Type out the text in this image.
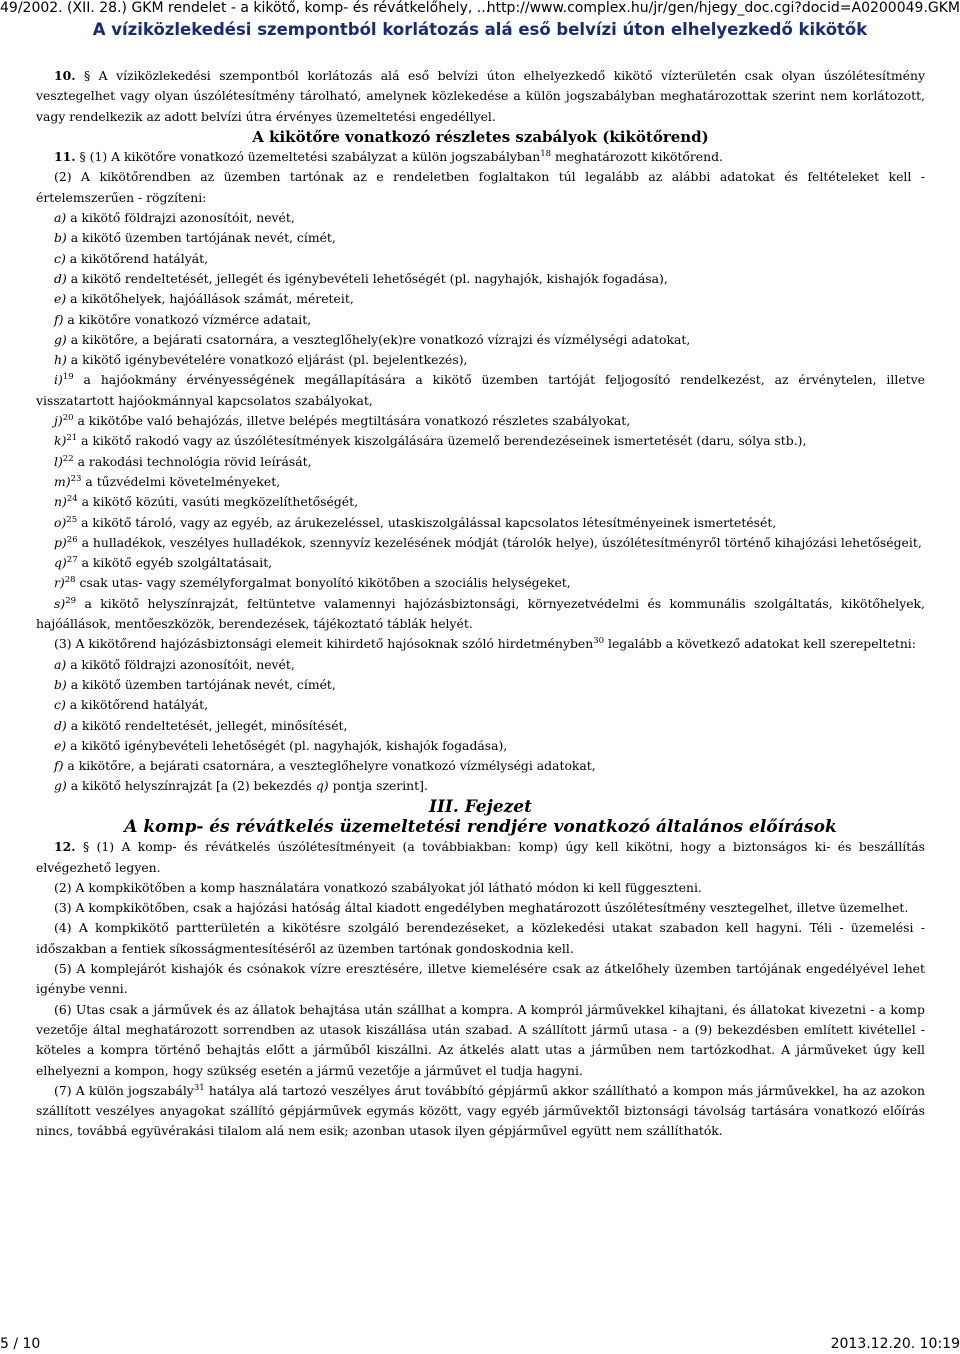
49/2002. (XII. 28.) GKM rendelet - a kikötő, komp- és révátkelőhely, ...
http://www.complex.hu/jr/gen/hjegy_doc.cgi?docid=A0200049.GKM
A víziközlekedési szempontból korlátozás alá eső belvízi úton elhelyezkedő kikötők

10. § A víziközlekedési szempontból korlátozás alá eső belvízi úton elhelyezkedő kikötő vízterületén csak olyan úszólétesítmény vesztegelhet vagy olyan úszólétesítmény tárolható, amelynek közlekedése a külön jogszabályban meghatározottak szerint nem korlátozott, vagy rendelkezik az adott belvízi útra érvényes üzemeltetési engedéllyel.

A kikötőre vonatkozó részletes szabályok (kikötőrend)

11. § (1) A kikötőre vonatkozó üzemeltetési szabályzat a külön jogszabályban$^{18}$ meghatározott kikötőrend.

(2) A kikötőrendben az üzemben tartónak az e rendeletben foglaltakon túl legalább az alábbi adatokat és feltételeket kell - értelemszerűen - rögzíteni:

a) a kikötő földrajzi azonosítóit, nevét,

b) a kikötő üzemben tartójának nevét, címét,

c) a kikötőrend hatályát,

d) a kikötő rendeltetését, jellegét és igénybevételi lehetőségét (pl. nagyhajók, kishajók fogadása),

e) a kikötőhelyek, hajóállások számát, méreteit,

f) a kikötőre vonatkozó vízmérce adatait,

g) a kikötőre, a bejárati csatornára, a veszteglőhely(ek)re vonatkozó vízrajzi és vízmélységi adatokat,

h) a kikötő igénybevételére vonatkozó eljárást (pl. bejelentkezés),

i)$^{19}$ a hajóokmány érvényességének megállapítására a kikötő üzemben tartóját feljogosító rendelkezést, az érvénytelen, illetve visszatartott hajóokmánnyal kapcsolatos szabályokat,

j)$^{20}$ a kikötőbe való behajózás, illetve belépés megtiltására vonatkozó részletes szabályokat,

k)$^{21}$ a kikötő rakodó vagy az úszólétesítmények kiszolgálására üzemelő berendezéseinek ismertetését (daru, sólya stb.),

l)$^{22}$ a rakodási technológia rövid leírását,

m)$^{23}$ a tűzvédelmi követelményeket,

n)$^{24}$ a kikötő közúti, vasúti megközelíthetőségét,

o)$^{25}$ a kikötő tároló, vagy az egyéb, az árukezeléssel, utaskiszolgálással kapcsolatos létesítményeinek ismertetését,

p)$^{26}$ a hulladékok, veszélyes hulladékok, szennyvíz kezelésének módját (tárolók helye), úszólétesítményről történő kihajózási lehetőségeit,

q)$^{27}$ a kikötő egyéb szolgáltatásait,

r)$^{28}$ csak utas- vagy személyforgalmat bonyolító kikötőben a szociális helységeket,

s)$^{29}$ a kikötő helyszínrajzát, feltüntetve valamennyi hajózásbiztonsági, környezetvédelmi és kommunális szolgáltatás, kikötőhelyek, hajóállások, mentőeszközök, berendezések, tájékoztató táblák helyét.

(3) A kikötőrend hajózásbiztonsági elemeit kihirdető hajósoknak szóló hirdetményben$^{30}$ legalább a következő adatokat kell szerepeltetni:

a) a kikötő földrajzi azonosítóit, nevét,

b) a kikötő üzemben tartójának nevét, címét,

c) a kikötőrend hatályát,

d) a kikötő rendeltetését, jellegét, minősítését,

e) a kikötő igénybevételi lehetőségét (pl. nagyhajók, kishajók fogadása),

f) a kikötőre, a bejárati csatornára, a veszteglőhelyre vonatkozó vízmélységi adatokat,

g) a kikötő helyszínrajzát [a (2) bekezdés q) pontja szerint].

III. Fejezet

A komp- és révátkelés üzemeltetési rendjére vonatkozó általános előírások

12. § (1) A komp- és révátkelés úszólétesítményeit (a továbbiakban: komp) úgy kell kikötni, hogy a biztonságos ki- és beszállítás elvégezhető legyen.

(2) A kompkikötőben a komp használatára vonatkozó szabályokat jól látható módon ki kell függeszteni.

(3) A kompkikötőben, csak a hajózási hatóság által kiadott engedélyben meghatározott úszólétesítmény vesztegelhet, illetve üzemelhet.

(4) A kompkikötő partterületén a kikötésre szolgáló berendezéseket, a közlekedési utakat szabadon kell hagyni. Téli - üzemelési - időszakban a fentiek síkosságmentesítéséről az üzemben tartónak gondoskodnia kell.

(5) A komplejárót kishajók és csónakok vízre eresztésére, illetve kiemelésére csak az átkelőhely üzemben tartójának engedélyével lehet igénybe venni.

(6) Utas csak a járművek és az állatok behajtása után szállhat a kompra. A kompról járművekkel kihajtani, és állatokat kivezetni - a komp vezetője által meghatározott sorrendben az utasok kiszállása után szabad. A szállított jármű utasa - a (9) bekezdésben említett kivétellel - köteles a kompra történő behajtás előtt a járműből kiszállni. Az átkelés alatt utas a járműben nem tartózkodhat. A járműveket úgy kell elhelyezni a kompon, hogy szükség esetén a jármű vezetője a járművet el tudja hagyni.

(7) A külön jogszabály$^{31}$ hatálya alá tartozó veszélyes árut továbbító gépjármű akkor szállítható a kompon más járművekkel, ha az azokon szállított veszélyes anyagokat szállító gépjárművek egymás között, vagy egyéb járművektől biztonsági távolság tartására vonatkozó előírás nincs, továbbá együvérakási tilalom alá nem esik; azonban utasok ilyen gépjárművel együtt nem szállíthatók.

5 / 10	2013.12.20. 10:19
